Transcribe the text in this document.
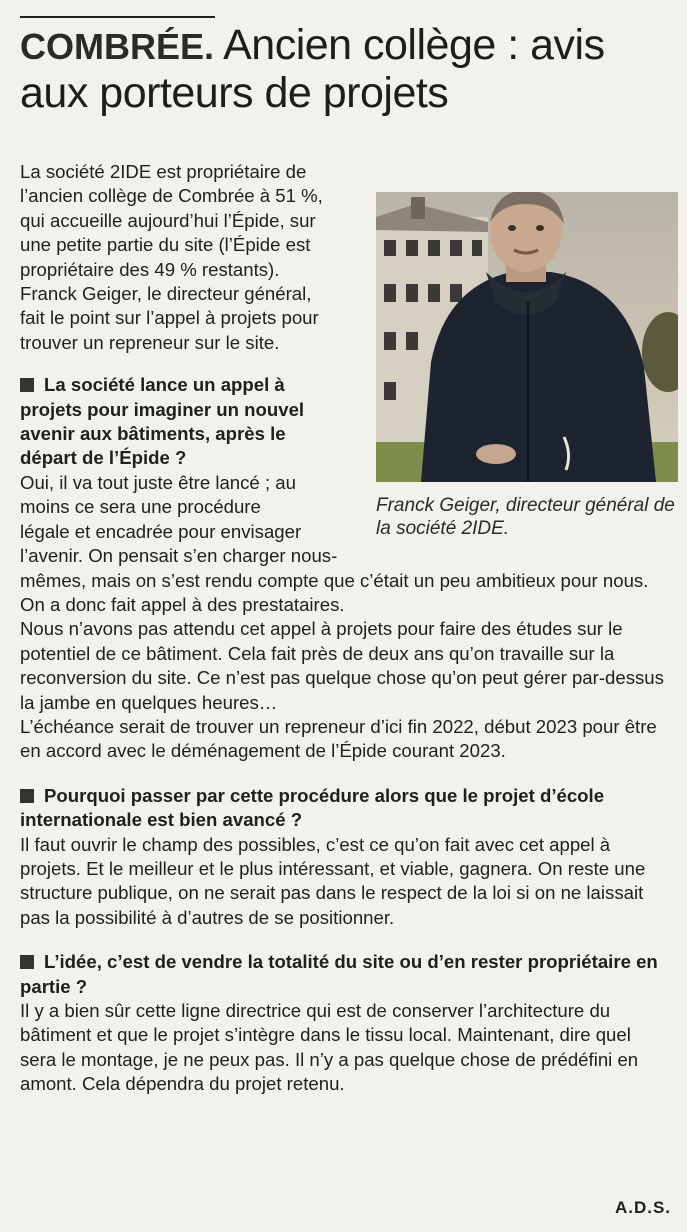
COMBRÉE. Ancien collège : avis aux porteurs de projets
Franck Geiger, directeur général de la société 2IDE.

La société 2IDE est propriétaire de l’ancien collège de Combrée à 51 %, qui accueille aujourd’hui l’Épide, sur une petite partie du site (l’Épide est propriétaire des 49 % restants). Franck Geiger, le directeur général, fait le point sur l’appel à projets pour trouver un repreneur sur le site.

La société lance un appel à projets pour imaginer un nouvel avenir aux bâtiments, après le départ de l’Épide ?

Oui, il va tout juste être lancé ; au moins ce sera une procédure

légale et encadrée pour envisager l’avenir. On pensait s’en charger nous-mêmes, mais on s’est rendu compte que c’était un peu ambitieux pour nous. On a donc fait appel à des prestataires.

Nous n’avons pas attendu cet appel à projets pour faire des études sur le potentiel de ce bâtiment. Cela fait près de deux ans qu’on travaille sur la reconversion du site. Ce n’est pas quelque chose qu’on peut gérer par-dessus la jambe en quelques heures…

L’échéance serait de trouver un repreneur d’ici fin 2022, début 2023 pour être en accord avec le déménagement de l’Épide courant 2023.

Pourquoi passer par cette procédure alors que le projet d’école internationale est bien avancé ?

Il faut ouvrir le champ des possibles, c’est ce qu’on fait avec cet appel à projets. Et le meilleur et le plus intéressant, et viable, gagnera. On reste une structure publique, on ne serait pas dans le respect de la loi si on ne laissait pas la possibilité à d’autres de se positionner.

L’idée, c’est de vendre la totalité du site ou d’en rester propriétaire en partie ?

Il y a bien sûr cette ligne directrice qui est de conserver l’architecture du bâtiment et que le projet s’intègre dans le tissu local. Maintenant, dire quel sera le montage, je ne peux pas. Il n’y a pas quelque chose de prédéfini en amont. Cela dépendra du projet retenu.

A.D.S.
